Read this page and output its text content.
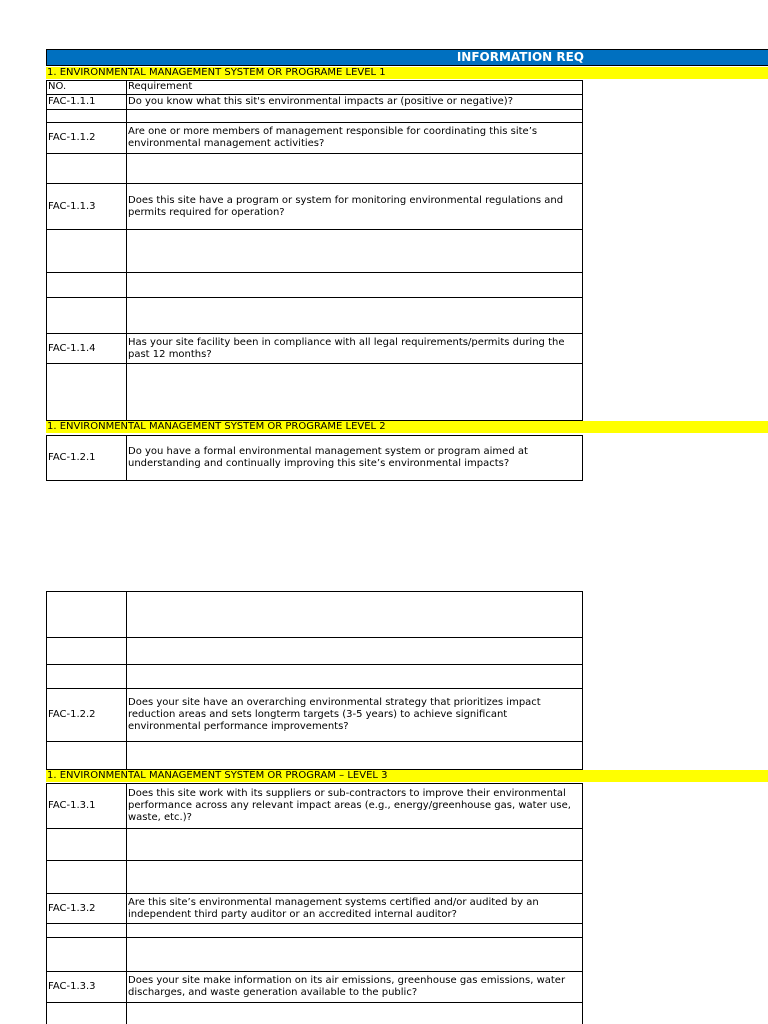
INFORMATION REQ
1. ENVIRONMENTAL MANAGEMENT SYSTEM OR PROGRAME LEVEL 1
NO.	Requirement
FAC-1.1.1	Do you know what this sit's environmental impacts ar (positive or negative)?
FAC-1.1.2
Are one or more members of management responsible for coordinating this site’s environmental management activities?
FAC-1.1.3
Does this site have a program or system for monitoring environmental regulations and permits required for operation?
FAC-1.1.4
Has your site facility been in compliance with all legal requirements/permits during the past 12 months?
1. ENVIRONMENTAL MANAGEMENT SYSTEM OR PROGRAME LEVEL 2
FAC-1.2.1
Do you have a formal environmental management system or program aimed at understanding and continually improving this site’s environmental impacts?
FAC-1.2.2
Does your site have an overarching environmental strategy that prioritizes impact reduction areas and sets longterm targets (3-5 years) to achieve significant environmental performance improvements?
1. ENVIRONMENTAL MANAGEMENT SYSTEM OR PROGRAM – LEVEL 3
FAC-1.3.1
Does this site work with its suppliers or sub-contractors to improve their environmental performance across any relevant impact areas (e.g., energy/greenhouse gas, water use, waste, etc.)?
FAC-1.3.2
Are this site’s environmental management systems certified and/or audited by an independent third party auditor or an accredited internal auditor?
FAC-1.3.3
Does your site make information on its air emissions, greenhouse gas emissions, water discharges, and waste generation available to the public?
